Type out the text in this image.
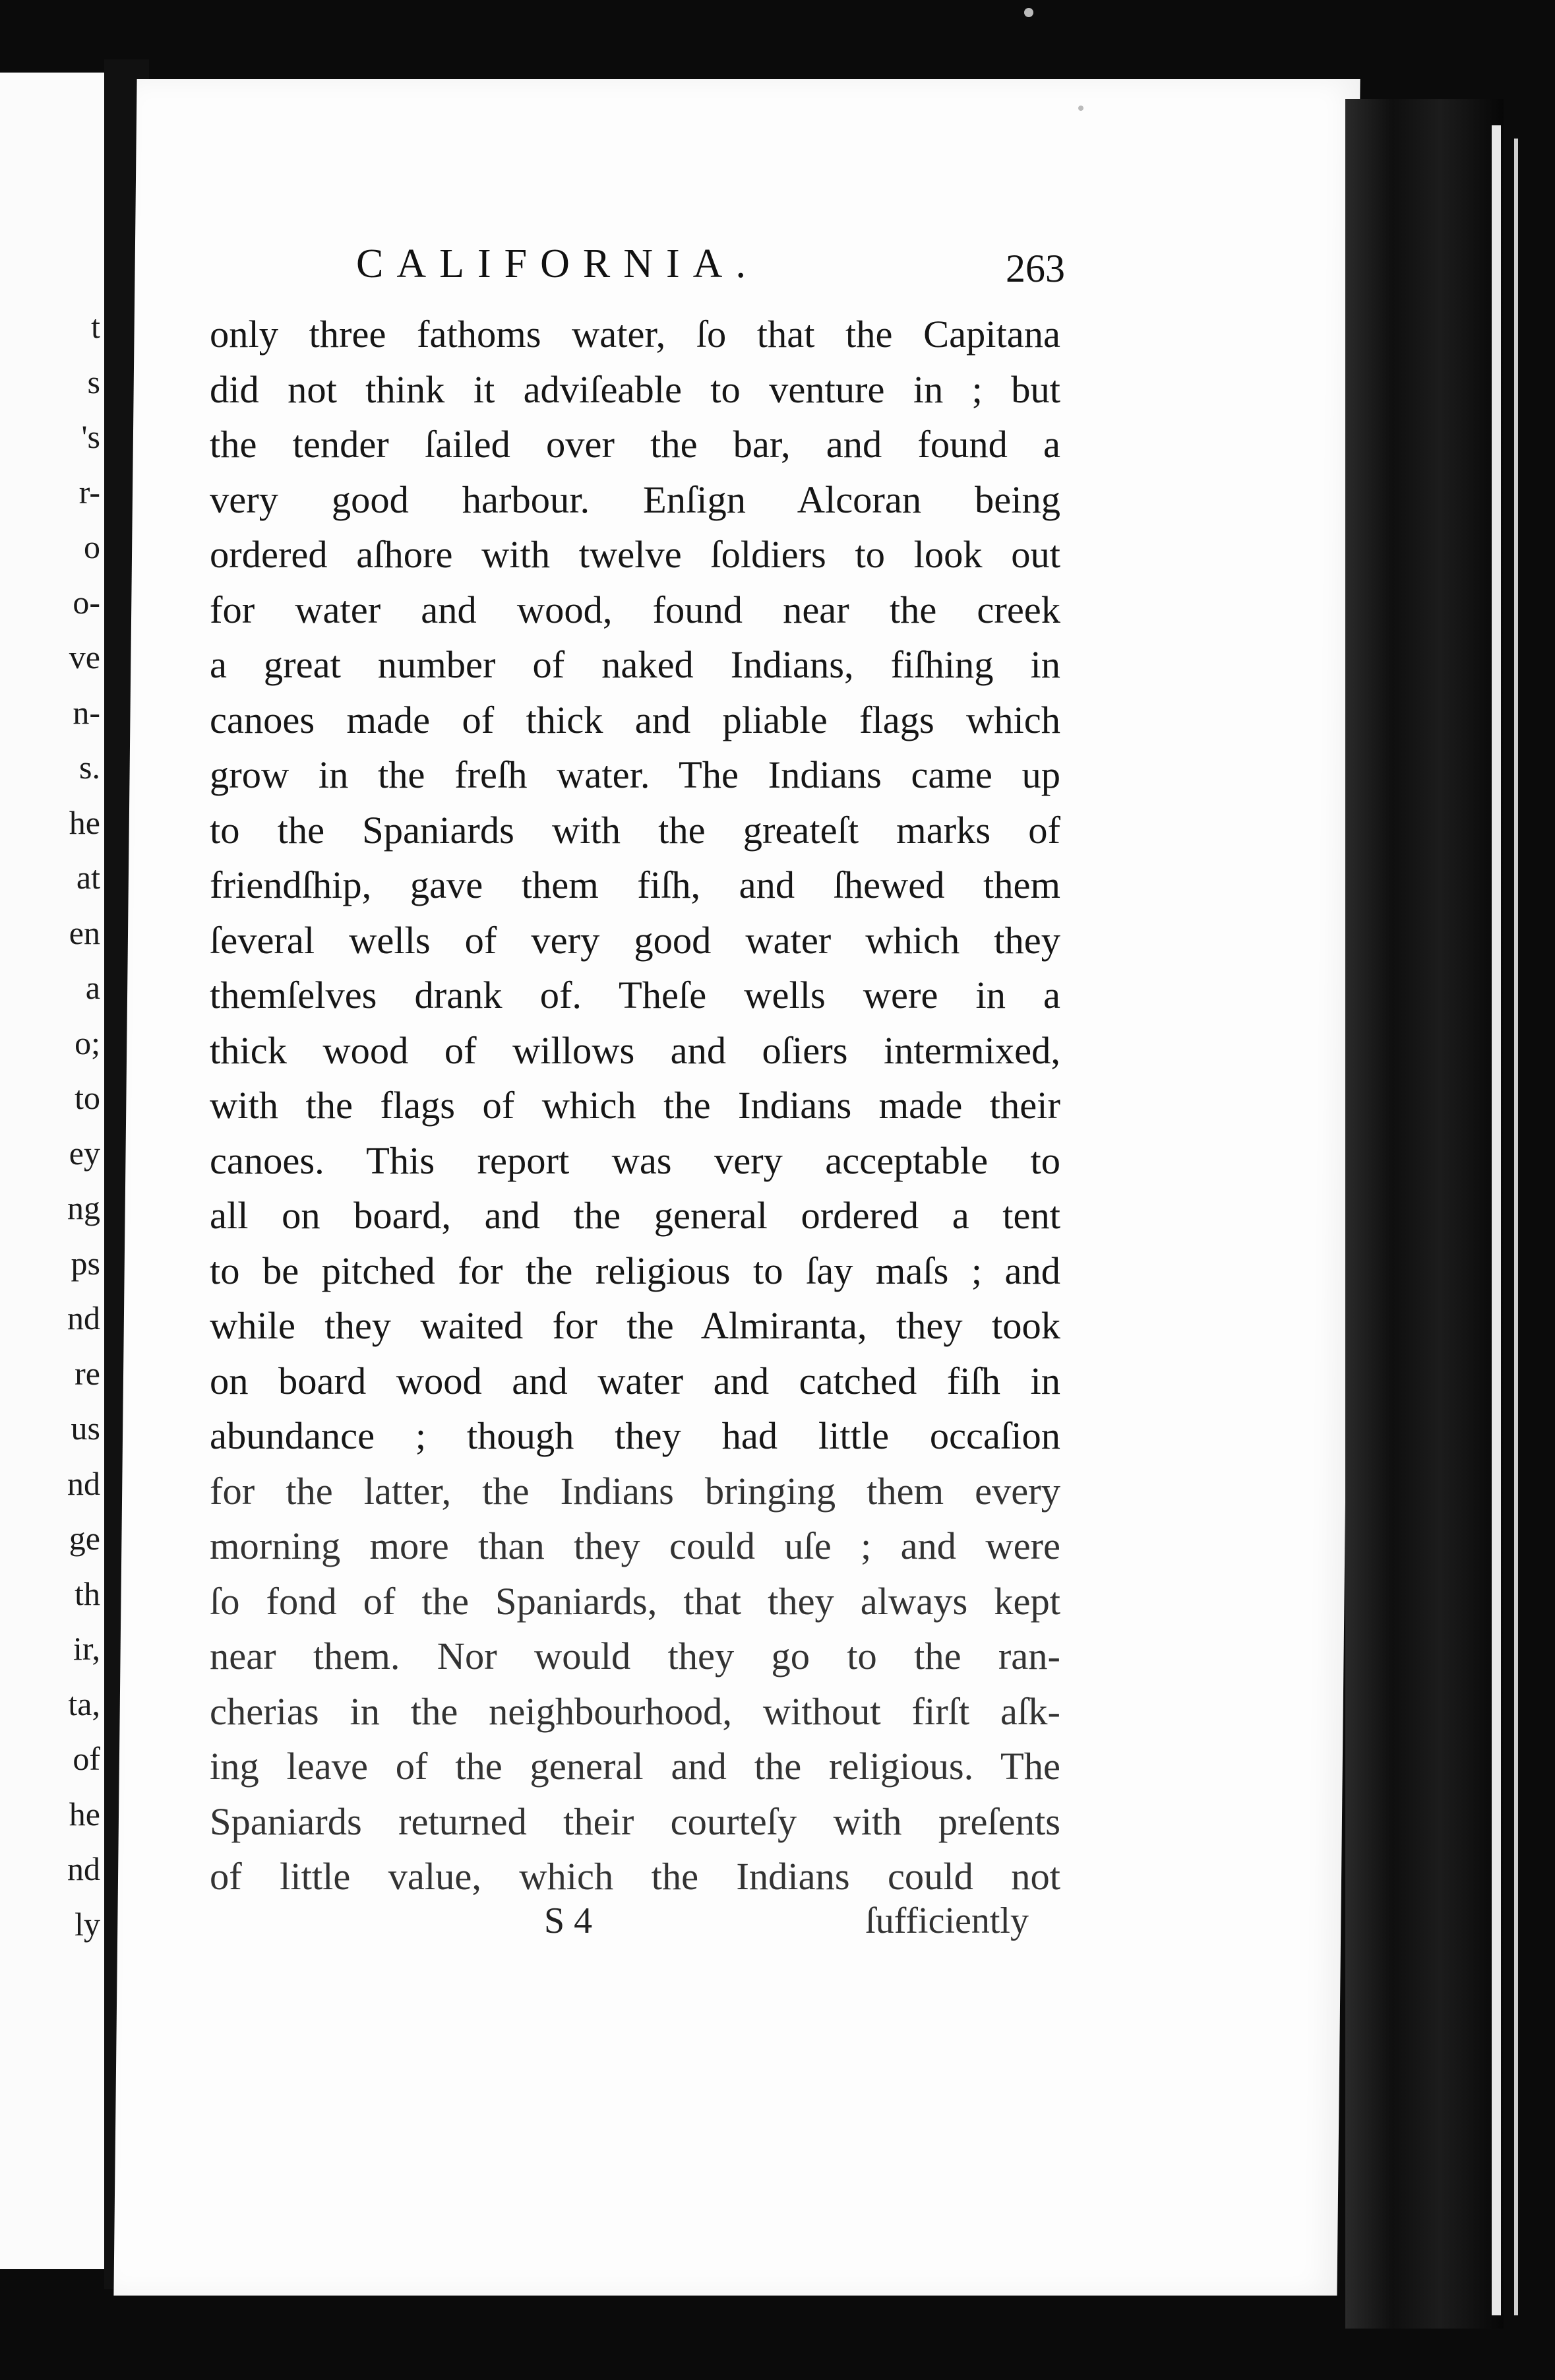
t
s
's
r-
o
o-
ve
n-
s.
he
at
en
a
o;
to
ey
ng
ps
nd
re
us
nd
ge
th
ir,
ta,
of
he
nd
ly
CALIFORNIA.	263
only three fathoms water, ſo that the Capitana
did not think it adviſeable to venture in ; but
the tender ſailed over the bar, and found a
very good harbour. Enſign Alcoran being
ordered aſhore with twelve ſoldiers to look out
for water and wood, found near the creek
a great number of naked Indians, fiſhing in
canoes made of thick and pliable flags which
grow in the freſh water. The Indians came up
to the Spaniards with the greateſt marks of
friendſhip, gave them fiſh, and ſhewed them
ſeveral wells of very good water which they
themſelves drank of. Theſe wells were in a
thick wood of willows and oſiers intermixed,
with the flags of which the Indians made their
canoes. This report was very acceptable to
all on board, and the general ordered a tent
to be pitched for the religious to ſay maſs ; and
while they waited for the Almiranta, they took
on board wood and water and catched fiſh in
abundance ; though they had little occaſion
for the latter, the Indians bringing them every
morning more than they could uſe ; and were
ſo fond of the Spaniards, that they always kept
near them. Nor would they go to the ran-
cherias in the neighbourhood, without firſt aſk-
ing leave of the general and the religious. The
Spaniards returned their courteſy with preſents
of little value, which the Indians could not
S 4	ſufficiently
